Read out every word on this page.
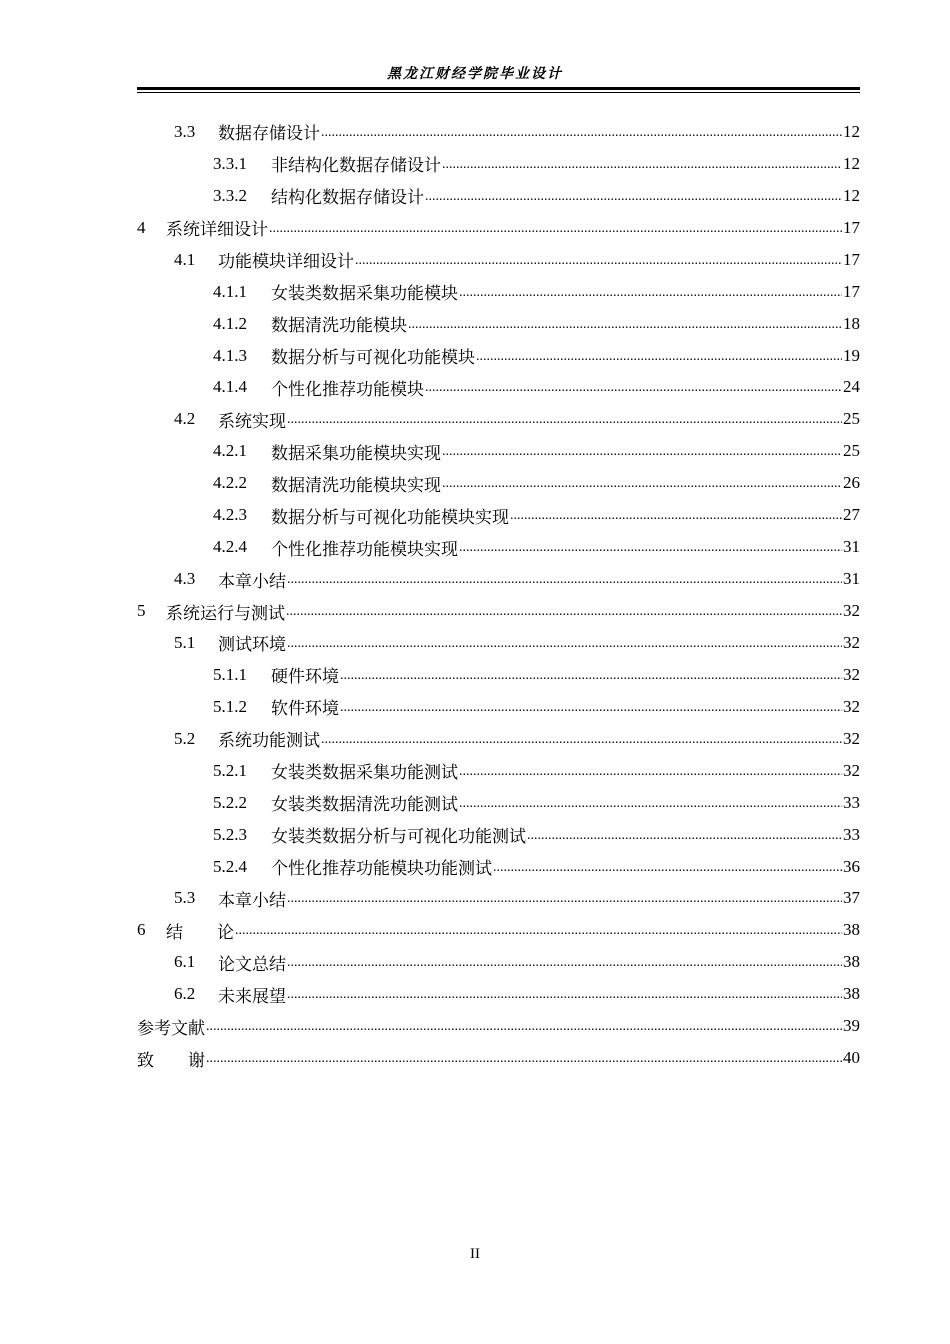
黑龙江财经学院毕业设计
3.3	数据存储设计 .....	12
3.3.1	非结构化数据存储设计 .....	12
3.3.2	结构化数据存储设计 .....	12
4	系统详细设计 .....	17
4.1	功能模块详细设计 .....	17
4.1.1	女装类数据采集功能模块 .....	17
4.1.2	数据清洗功能模块 .....	18
4.1.3	数据分析与可视化功能模块 .....	19
4.1.4	个性化推荐功能模块 .....	24
4.2	系统实现 .....	25
4.2.1	数据采集功能模块实现 .....	25
4.2.2	数据清洗功能模块实现 .....	26
4.2.3	数据分析与可视化功能模块实现 .....	27
4.2.4	个性化推荐功能模块实现 .....	31
4.3	本章小结 .....	31
5	系统运行与测试 .....	32
5.1	测试环境 .....	32
5.1.1	硬件环境 .....	32
5.1.2	软件环境 .....	32
5.2	系统功能测试 .....	32
5.2.1	女装类数据采集功能测试 .....	32
5.2.2	女装类数据清洗功能测试 .....	33
5.2.3	女装类数据分析与可视化功能测试 .....	33
5.2.4	个性化推荐功能模块功能测试 .....	36
5.3	本章小结 .....	37
6	结　　论 .....	38
6.1	论文总结 .....	38
6.2	未来展望 .....	38
参考文献 .....	39
致　　谢 .....	40
II
